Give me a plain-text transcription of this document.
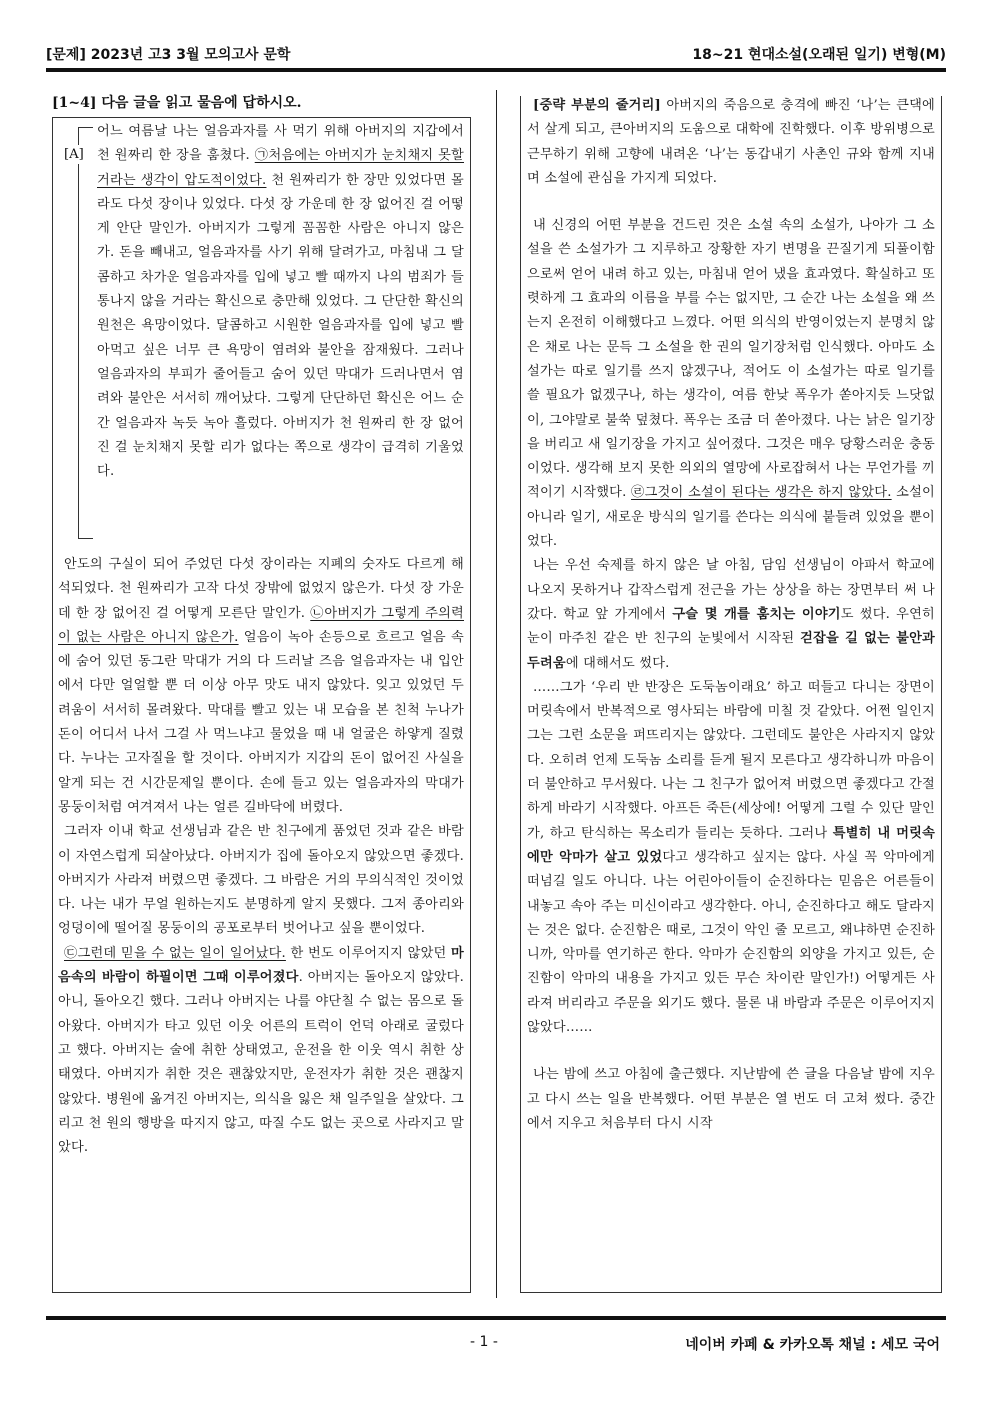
[문제] 2023년 고3 3월 모의고사 문학	18~21 현대소설(오래된 일기) 변형(M)
[1~4] 다음 글을 읽고 물음에 답하시오.
[A]

어느 여름날 나는 얼음과자를 사 먹기 위해 아버지의 지갑에서 천 원짜리 한 장을 훔쳤다. ㉠처음에는 아버지가 눈치채지 못할 거라는 생각이 압도적이었다. 천 원짜리가 한 장만 있었다면 몰라도 다섯 장이나 있었다. 다섯 장 가운데 한 장 없어진 걸 어떻게 안단 말인가. 아버지가 그렇게 꼼꼼한 사람은 아니지 않은가. 돈을 빼내고, 얼음과자를 사기 위해 달려가고, 마침내 그 달콤하고 차가운 얼음과자를 입에 넣고 빨 때까지 나의 범죄가 들통나지 않을 거라는 확신으로 충만해 있었다. 그 단단한 확신의 원천은 욕망이었다. 달콤하고 시원한 얼음과자를 입에 넣고 빨아먹고 싶은 너무 큰 욕망이 염려와 불안을 잠재웠다. 그러나 얼음과자의 부피가 줄어들고 숨어 있던 막대가 드러나면서 염려와 불안은 서서히 깨어났다. 그렇게 단단하던 확신은 어느 순간 얼음과자 녹듯 녹아 흘렀다. 아버지가 천 원짜리 한 장 없어진 걸 눈치채지 못할 리가 없다는 쪽으로 생각이 급격히 기울었다.

안도의 구실이 되어 주었던 다섯 장이라는 지폐의 숫자도 다르게 해석되었다. 천 원짜리가 고작 다섯 장밖에 없었지 않은가. 다섯 장 가운데 한 장 없어진 걸 어떻게 모른단 말인가. ㉡아버지가 그렇게 주의력이 없는 사람은 아니지 않은가. 얼음이 녹아 손등으로 흐르고 얼음 속에 숨어 있던 동그란 막대가 거의 다 드러날 즈음 얼음과자는 내 입안에서 다만 얼얼할 뿐 더 이상 아무 맛도 내지 않았다. 잊고 있었던 두려움이 서서히 몰려왔다. 막대를 빨고 있는 내 모습을 본 친척 누나가 돈이 어디서 나서 그걸 사 먹느냐고 물었을 때 내 얼굴은 하얗게 질렸다. 누나는 고자질을 할 것이다. 아버지가 지갑의 돈이 없어진 사실을 알게 되는 건 시간문제일 뿐이다. 손에 들고 있는 얼음과자의 막대가 몽둥이처럼 여겨져서 나는 얼른 길바닥에 버렸다.

그러자 이내 학교 선생님과 같은 반 친구에게 품었던 것과 같은 바람이 자연스럽게 되살아났다. 아버지가 집에 돌아오지 않았으면 좋겠다. 아버지가 사라져 버렸으면 좋겠다. 그 바람은 거의 무의식적인 것이었다. 나는 내가 무얼 원하는지도 분명하게 알지 못했다. 그저 종아리와 엉덩이에 떨어질 몽둥이의 공포로부터 벗어나고 싶을 뿐이었다.

㉢그런데 믿을 수 없는 일이 일어났다. 한 번도 이루어지지 않았던 마음속의 바람이 하필이면 그때 이루어졌다. 아버지는 돌아오지 않았다. 아니, 돌아오긴 했다. 그러나 아버지는 나를 야단칠 수 없는 몸으로 돌아왔다. 아버지가 타고 있던 이웃 어른의 트럭이 언덕 아래로 굴렀다고 했다. 아버지는 술에 취한 상태였고, 운전을 한 이웃 역시 취한 상태였다. 아버지가 취한 것은 괜찮았지만, 운전자가 취한 것은 괜찮지 않았다. 병원에 옮겨진 아버지는, 의식을 잃은 채 일주일을 살았다. 그리고 천 원의 행방을 따지지 않고, 따질 수도 없는 곳으로 사라지고 말았다.

[중략 부분의 줄거리] 아버지의 죽음으로 충격에 빠진 ‘나’는 큰댁에서 살게 되고, 큰아버지의 도움으로 대학에 진학했다. 이후 방위병으로 근무하기 위해 고향에 내려온 ‘나’는 동갑내기 사촌인 규와 함께 지내며 소설에 관심을 가지게 되었다.

내 신경의 어떤 부분을 건드린 것은 소설 속의 소설가, 나아가 그 소설을 쓴 소설가가 그 지루하고 장황한 자기 변명을 끈질기게 되풀이함으로써 얻어 내려 하고 있는, 마침내 얻어 냈을 효과였다. 확실하고 또렷하게 그 효과의 이름을 부를 수는 없지만, 그 순간 나는 소설을 왜 쓰는지 온전히 이해했다고 느꼈다. 어떤 의식의 반영이었는지 분명치 않은 채로 나는 문득 그 소설을 한 권의 일기장처럼 인식했다. 아마도 소설가는 따로 일기를 쓰지 않겠구나, 적어도 이 소설가는 따로 일기를 쓸 필요가 없겠구나, 하는 생각이, 여름 한낮 폭우가 쏟아지듯 느닷없이, 그야말로 불쑥 덮쳤다. 폭우는 조금 더 쏟아졌다. 나는 낡은 일기장을 버리고 새 일기장을 가지고 싶어졌다. 그것은 매우 당황스러운 충동이었다. 생각해 보지 못한 의외의 열망에 사로잡혀서 나는 무언가를 끼적이기 시작했다. ㉣그것이 소설이 된다는 생각은 하지 않았다. 소설이 아니라 일기, 새로운 방식의 일기를 쓴다는 의식에 붙들려 있었을 뿐이었다.

나는 우선 숙제를 하지 않은 날 아침, 담임 선생님이 아파서 학교에 나오지 못하거나 갑작스럽게 전근을 가는 상상을 하는 장면부터 써 나갔다. 학교 앞 가게에서 구슬 몇 개를 훔치는 이야기도 썼다. 우연히 눈이 마주친 같은 반 친구의 눈빛에서 시작된 걷잡을 길 없는 불안과 두려움에 대해서도 썼다.

……그가 ‘우리 반 반장은 도둑놈이래요’ 하고 떠들고 다니는 장면이 머릿속에서 반복적으로 영사되는 바람에 미칠 것 같았다. 어쩐 일인지 그는 그런 소문을 퍼뜨리지는 않았다. 그런데도 불안은 사라지지 않았다. 오히려 언제 도둑놈 소리를 듣게 될지 모른다고 생각하니까 마음이 더 불안하고 무서웠다. 나는 그 친구가 없어져 버렸으면 좋겠다고 간절하게 바라기 시작했다. 아프든 죽든(세상에! 어떻게 그럴 수 있단 말인가, 하고 탄식하는 목소리가 들리는 듯하다. 그러나 특별히 내 머릿속에만 악마가 살고 있었다고 생각하고 싶지는 않다. 사실 꼭 악마에게 떠넘길 일도 아니다. 나는 어린아이들이 순진하다는 믿음은 어른들이 내놓고 속아 주는 미신이라고 생각한다. 아니, 순진하다고 해도 달라지는 것은 없다. 순진함은 때로, 그것이 악인 줄 모르고, 왜냐하면 순진하니까, 악마를 연기하곤 한다. 악마가 순진함의 외양을 가지고 있든, 순진함이 악마의 내용을 가지고 있든 무슨 차이란 말인가!) 어떻게든 사라져 버리라고 주문을 외기도 했다. 물론 내 바람과 주문은 이루어지지 않았다……

나는 밤에 쓰고 아침에 출근했다. 지난밤에 쓴 글을 다음날 밤에 지우고 다시 쓰는 일을 반복했다. 어떤 부분은 열 번도 더 고쳐 썼다. 중간에서 지우고 처음부터 다시 시작

- 1 -	네이버 카페 & 카카오톡 채널 : 세모 국어
